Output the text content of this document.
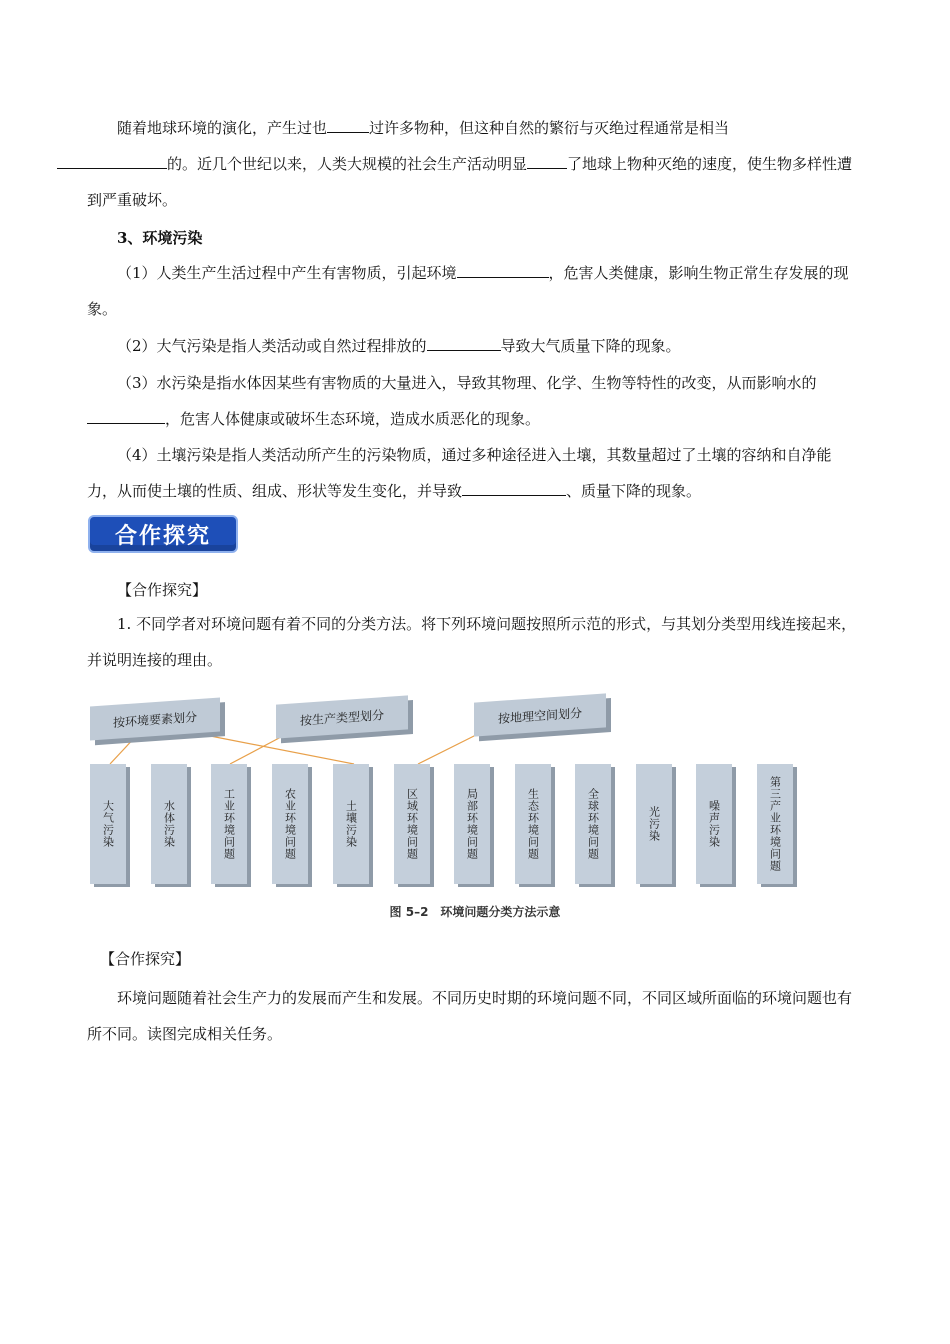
随着地球环境的演化，产生过也	过许多物种，但这种自然的繁衍与灭绝过程通常是相当
的。近几个世纪以来，人类大规模的社会生产活动明显	了地球上物种灭绝的速度，使生物多样性遭到严重破坏。

3、环境污染

（1）人类生产生活过程中产生有害物质，引起环境	，危害人类健康，影响生物正常生存发展的现象。

（2）大气污染是指人类活动或自然过程排放的	导致大气质量下降的现象。

（3）水污染是指水体因某些有害物质的大量进入，导致其物理、化学、生物等特性的改变，从而影响水的，危害人体健康或破坏生态环境，造成水质恶化的现象。

（4）土壤污染是指人类活动所产生的污染物质，通过多种途径进入土壤，其数量超过了土壤的容纳和自净能力，从而使土壤的性质、组成、形状等发生变化，并导致	、质量下降的现象。

合作探究
【合作探究】

1. 不同学者对环境问题有着不同的分类方法。将下列环境问题按照所示范的形式，与其划分类型用线连接起来，并说明连接的理由。

按环境要素划分	按生产类型划分	按地理空间划分
大气污染	水体污染	工业环境问题	农业环境问题	土壤污染	区域环境问题	局部环境问题	生态环境问题	全球环境问题	光污染	噪声污染	第三产业环境问题
图 5–2　环境问题分类方法示意
【合作探究】

环境问题随着社会生产力的发展而产生和发展。不同历史时期的环境问题不同，不同区域所面临的环境问题也有所不同。读图完成相关任务。
